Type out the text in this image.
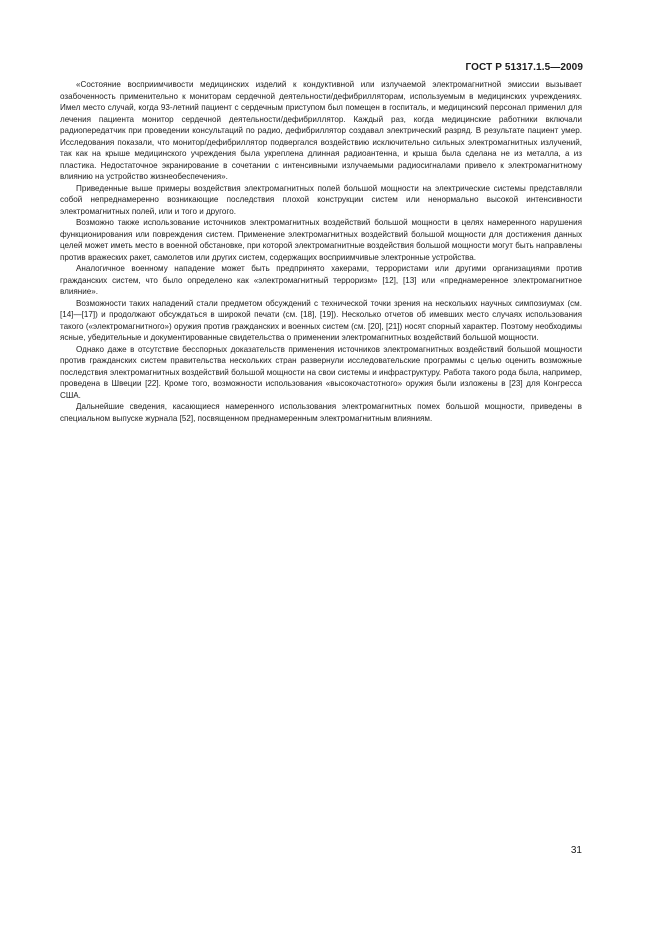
ГОСТ Р 51317.1.5—2009

«Состояние восприимчивости медицинских изделий к кондуктивной или излучаемой электромагнитной эмиссии вызывает озабоченность применительно к мониторам сердечной деятельности/дефибрилляторам, используемым в медицинских учреждениях. Имел место случай, когда 93-летний пациент с сердечным приступом был помещен в госпиталь, и медицинский персонал применил для лечения пациента монитор сердечной деятельности/дефибриллятор. Каждый раз, когда медицинские работники включали радиопередатчик при проведении консультаций по радио, дефибриллятор создавал электрический разряд. В результате пациент умер. Исследования показали, что монитор/дефибриллятор подвергался воздействию исключительно сильных электромагнитных излучений, так как на крыше медицинского учреждения была укреплена длинная радиоантенна, и крыша была сделана не из металла, а из пластика. Недостаточное экранирование в сочетании с интенсивными излучаемыми радиосигналами привело к электромагнитному влиянию на устройство жизнеобеспечения».

Приведенные выше примеры воздействия электромагнитных полей большой мощности на электрические системы представляли собой непреднамеренно возникающие последствия плохой конструкции систем или ненормально высокой интенсивности электромагнитных полей, или и того и другого.

Возможно также использование источников электромагнитных воздействий большой мощности в целях намеренного нарушения функционирования или повреждения систем. Применение электромагнитных воздействий большой мощности для достижения данных целей может иметь место в военной обстановке, при которой электромагнитные воздействия большой мощности могут быть направлены против вражеских ракет, самолетов или других систем, содержащих восприимчивые электронные устройства.

Аналогичное военному нападение может быть предпринято хакерами, террористами или другими организациями против гражданских систем, что было определено как «электромагнитный терроризм» [12], [13] или «преднамеренное электромагнитное влияние».

Возможности таких нападений стали предметом обсуждений с технической точки зрения на нескольких научных симпозиумах (см. [14]—[17]) и продолжают обсуждаться в широкой печати (см. [18], [19]). Несколько отчетов об имевших место случаях использования такого («электромагнитного») оружия против гражданских и военных систем (см. [20], [21]) носят спорный характер. Поэтому необходимы ясные, убедительные и документированные свидетельства о применении электромагнитных воздействий большой мощности.

Однако даже в отсутствие бесспорных доказательств применения источников электромагнитных воздействий большой мощности против гражданских систем правительства нескольких стран развернули исследовательские программы с целью оценить возможные последствия электромагнитных воздействий большой мощности на свои системы и инфраструктуру. Работа такого рода была, например, проведена в Швеции [22]. Кроме того, возможности использования «высокочастотного» оружия были изложены в [23] для Конгресса США.

Дальнейшие сведения, касающиеся намеренного использования электромагнитных помех большой мощности, приведены в специальном выпуске журнала [52], посвященном преднамеренным электромагнитным влияниям.

31
